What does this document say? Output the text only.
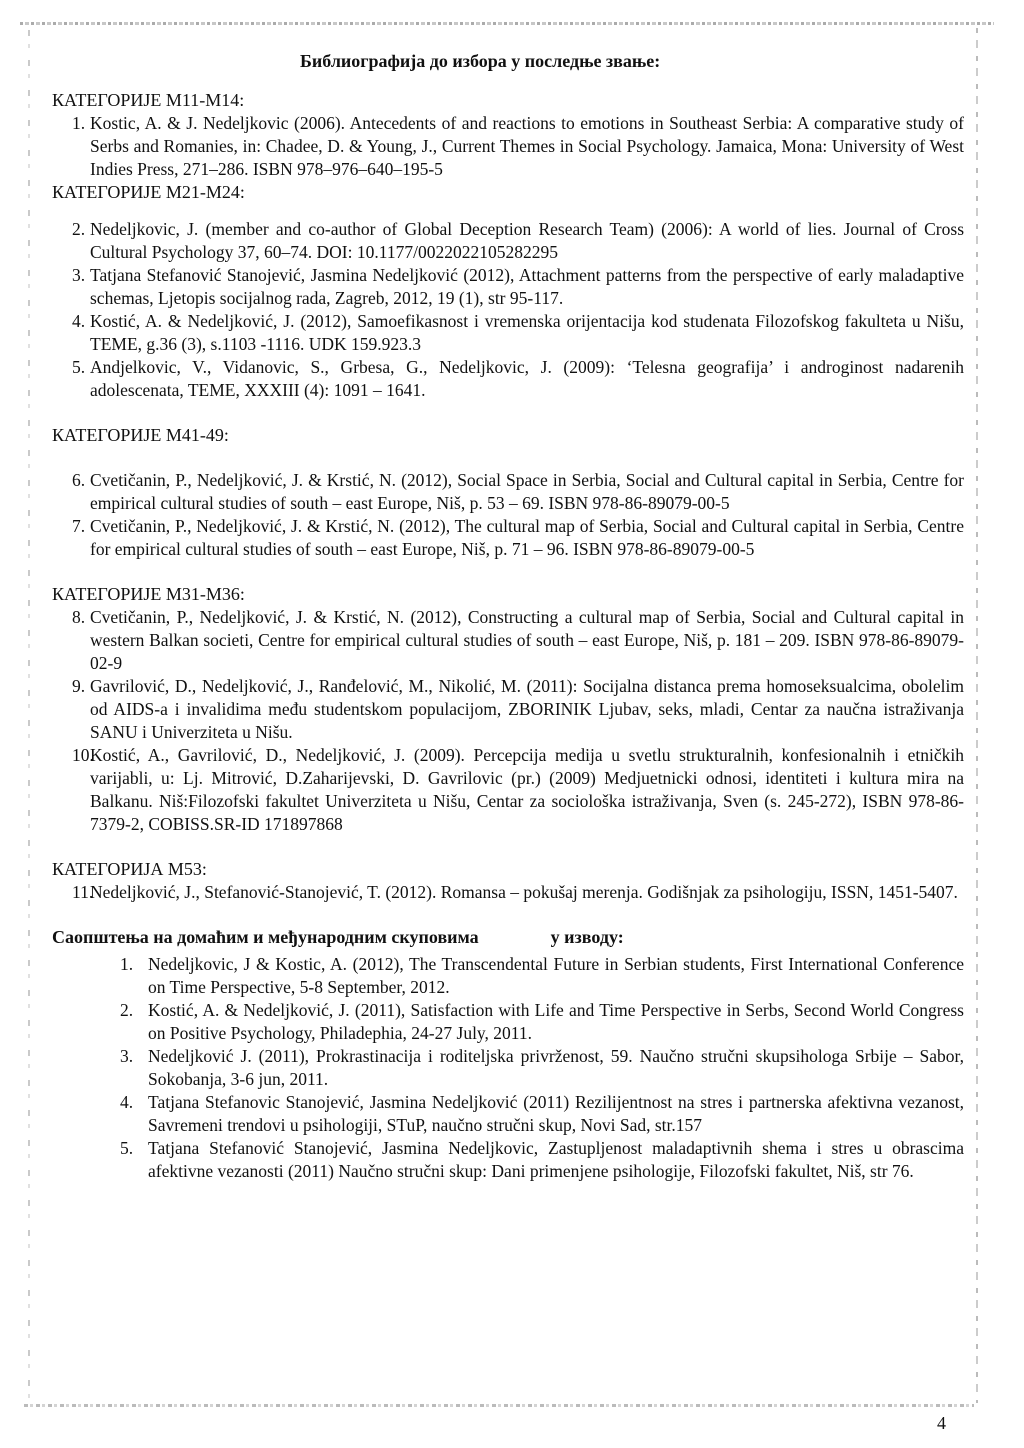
Библиографија до избора у последње звање:
КАТЕГОРИЈЕ М11-М14:
1. Kostic, A. & J. Nedeljkovic (2006). Antecedents of and reactions to emotions in Southeast Serbia: A comparative study of Serbs and Romanies, in: Chadee, D. & Young, J., Current Themes in Social Psychology. Jamaica, Mona: University of West Indies Press, 271–286. ISBN 978–976–640–195-5
КАТЕГОРИЈЕ М21-М24:
2. Nedeljkovic, J. (member and co-author of Global Deception Research Team) (2006): A world of lies. Journal of Cross Cultural Psychology 37, 60–74. DOI: 10.1177/0022022105282295
3. Tatjana Stefanović Stanojević, Jasmina Nedeljković (2012), Attachment patterns from the perspective of early maladaptive schemas, Ljetopis socijalnog rada, Zagreb, 2012, 19 (1), str 95-117.
4. Kostić, A. & Nedeljković, J. (2012), Samoefikasnost i vremenska orijentacija kod studenata Filozofskog fakulteta u Nišu, TEME, g.36 (3), s.1103 -1116. UDK 159.923.3
5. Andjelkovic, V., Vidanovic, S., Grbesa, G., Nedeljkovic, J. (2009): ‘Telesna geografija’ i androginost nadarenih adolescenata, TEME, XXXIII (4): 1091 – 1641.
КАТЕГОРИЈЕ М41-49:
6. Cvetičanin, P., Nedeljković, J. & Krstić, N. (2012), Social Space in Serbia, Social and Cultural capital in Serbia, Centre for empirical cultural studies of south – east Europe, Niš, p. 53 – 69. ISBN 978-86-89079-00-5
7. Cvetičanin, P., Nedeljković, J. & Krstić, N. (2012), The cultural map of Serbia, Social and Cultural capital in Serbia, Centre for empirical cultural studies of south – east Europe, Niš, p. 71 – 96. ISBN 978-86-89079-00-5
КАТЕГОРИЈЕ М31-М36:
8. Cvetičanin, P., Nedeljković, J. & Krstić, N. (2012), Constructing a cultural map of Serbia, Social and Cultural capital in western Balkan societi, Centre for empirical cultural studies of south – east Europe, Niš, p. 181 – 209. ISBN 978-86-89079-02-9
9. Gavrilović, D., Nedeljković, J., Ranđelović, M., Nikolić, M. (2011): Socijalna distanca prema homoseksualcima, obolelim od AIDS-a i invalidima među studentskom populacijom, ZBORINIK Ljubav, seks, mladi, Centar za naučna istraživanja SANU i Univerziteta u Nišu.
10.
Kostić, A., Gavrilović, D., Nedeljković, J. (2009). Percepcija medija u svetlu strukturalnih, konfesionalnih i etničkih varijabli, u: Lj. Mitrović, D.Zaharijevski, D. Gavrilovic (pr.) (2009) Medjuetnicki odnosi, identiteti i kultura mira na Balkanu. Niš:Filozofski fakultet Univerziteta u Nišu, Centar za sociološka istraživanja, Sven (s. 245-272), ISBN 978-86-7379-2, COBISS.SR-ID 171897868
КАТЕГОРИЈА М53:
11.
Nedeljković, J., Stefanović-Stanojević, T. (2012). Romansa – pokušaj merenja. Godišnjak za psihologiju, ISSN, 1451-5407.
Саопштења на домаћим и међународним скуповима                у изводу:
1. Nedeljkovic, J & Kostic, A. (2012), The Transcendental Future in Serbian students, First International Conference on Time Perspective, 5-8 September, 2012.
2. Kostić, A. & Nedeljković, J. (2011), Satisfaction with Life and Time Perspective in Serbs, Second World Congress on Positive Psychology, Philadephia, 24-27 July, 2011.
3. Nedeljković J. (2011), Prokrastinacija i roditeljska privrženost, 59. Naučno stručni skupsihologa Srbije – Sabor, Sokobanja, 3-6 jun, 2011.
4. Tatjana Stefanovic Stanojević, Jasmina Nedeljković (2011) Rezilijentnost na stres i partnerska afektivna vezanost, Savremeni trendovi u psihologiji, STuP, naučno stručni skup, Novi Sad, str.157
5. Tatjana Stefanović Stanojević, Jasmina Nedeljkovic, Zastupljenost maladaptivnih shema i stres u obrascima afektivne vezanosti (2011) Naučno stručni skup: Dani primenjene psihologije, Filozofski fakultet, Niš, str 76.
4
